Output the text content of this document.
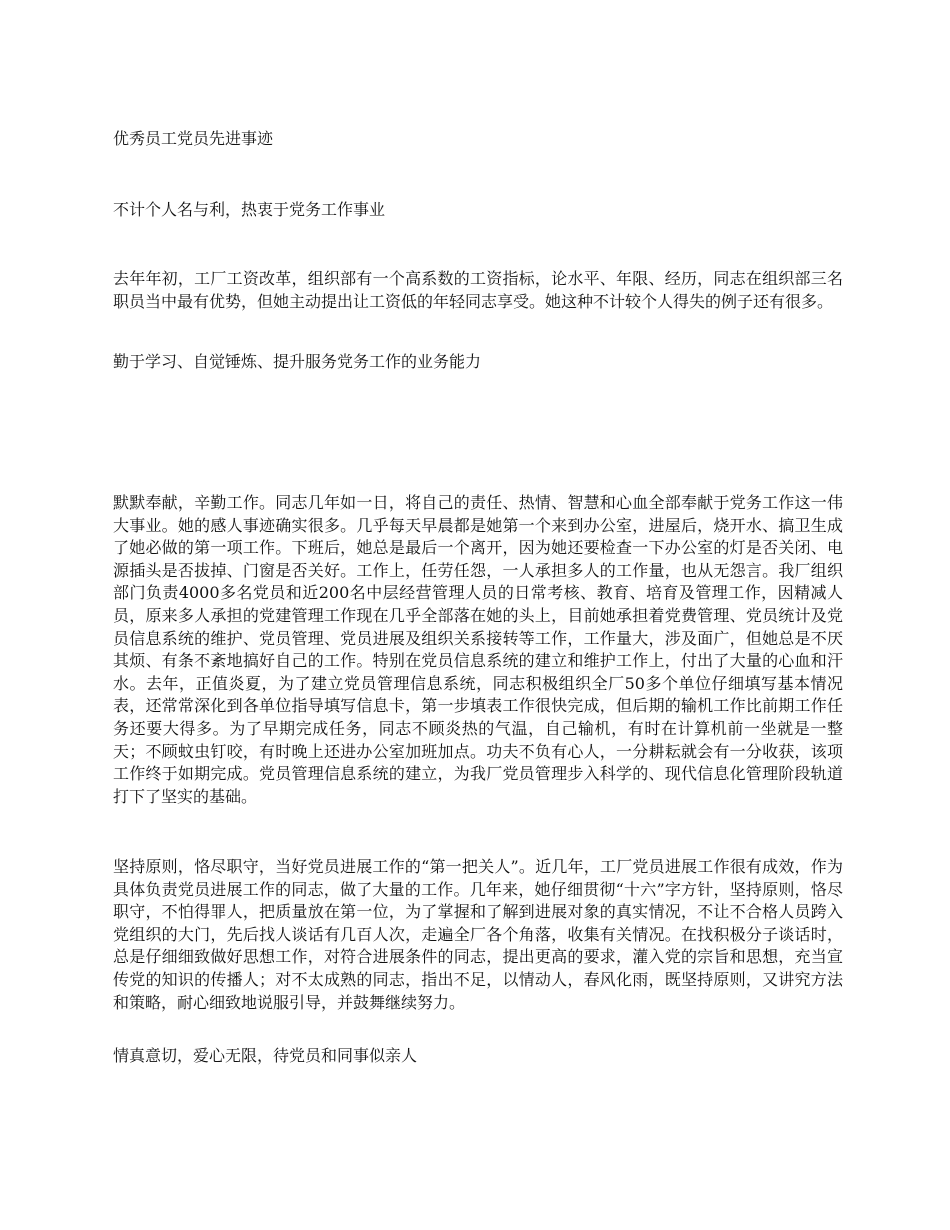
优秀员工党员先进事迹
不计个人名与利，热衷于党务工作事业
去年年初，工厂工资改革，组织部有一个高系数的工资指标，论水平、年限、经历，同志在组织部三名职员当中最有优势，但她主动提出让工资低的年轻同志享受。她这种不计较个人得失的例子还有很多。
勤于学习、自觉锤炼、提升服务党务工作的业务能力
默默奉献，辛勤工作。同志几年如一日，将自己的责任、热情、智慧和心血全部奉献于党务工作这一伟大事业。她的感人事迹确实很多。几乎每天早晨都是她第一个来到办公室，进屋后，烧开水、搞卫生成了她必做的第一项工作。下班后，她总是最后一个离开，因为她还要检查一下办公室的灯是否关闭、电源插头是否拔掉、门窗是否关好。工作上，任劳任怨，一人承担多人的工作量，也从无怨言。我厂组织部门负责4000多名党员和近200名中层经营管理人员的日常考核、教育、培育及管理工作，因精减人员，原来多人承担的党建管理工作现在几乎全部落在她的头上，目前她承担着党费管理、党员统计及党员信息系统的维护、党员管理、党员进展及组织关系接转等工作，工作量大，涉及面广，但她总是不厌其烦、有条不紊地搞好自己的工作。特别在党员信息系统的建立和维护工作上，付出了大量的心血和汗水。去年，正值炎夏，为了建立党员管理信息系统，同志积极组织全厂50多个单位仔细填写基本情况表，还常常深化到各单位指导填写信息卡，第一步填表工作很快完成，但后期的输机工作比前期工作任务还要大得多。为了早期完成任务，同志不顾炎热的气温，自己输机，有时在计算机前一坐就是一整天；不顾蚊虫钉咬，有时晚上还进办公室加班加点。功夫不负有心人，一分耕耘就会有一分收获，该项工作终于如期完成。党员管理信息系统的建立，为我厂党员管理步入科学的、现代信息化管理阶段轨道打下了坚实的基础。
坚持原则，恪尽职守，当好党员进展工作的“第一把关人”。近几年，工厂党员进展工作很有成效，作为具体负责党员进展工作的同志，做了大量的工作。几年来，她仔细贯彻“十六”字方针，坚持原则，恪尽职守，不怕得罪人，把质量放在第一位，为了掌握和了解到进展对象的真实情况，不让不合格人员跨入党组织的大门，先后找人谈话有几百人次，走遍全厂各个角落，收集有关情况。在找积极分子谈话时，总是仔细细致做好思想工作，对符合进展条件的同志，提出更高的要求，灌入党的宗旨和思想，充当宣传党的知识的传播人；对不太成熟的同志，指出不足，以情动人，春风化雨，既坚持原则，又讲究方法和策略，耐心细致地说服引导，并鼓舞继续努力。
情真意切，爱心无限，待党员和同事似亲人
